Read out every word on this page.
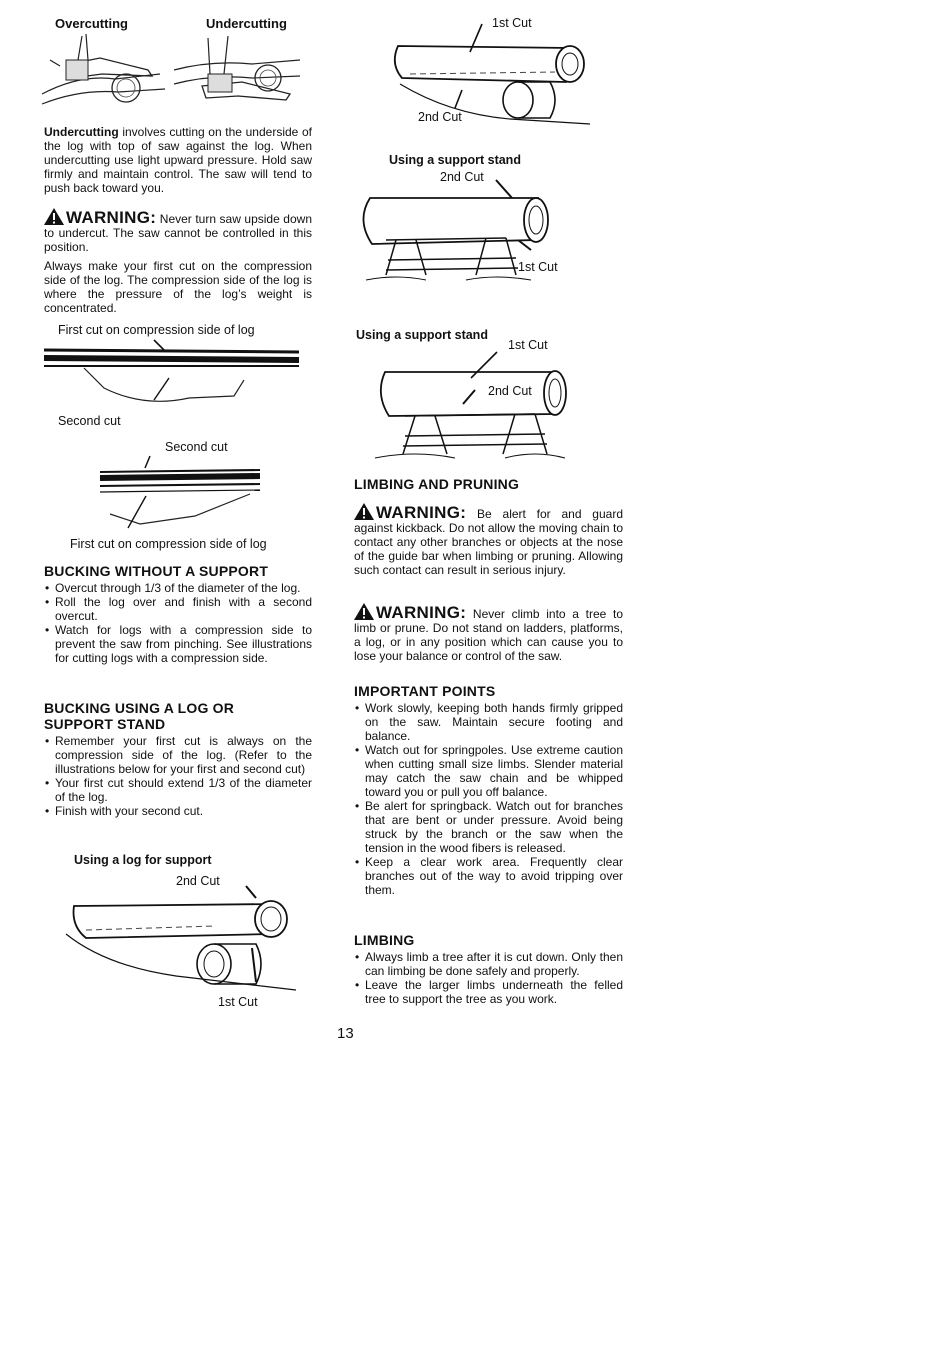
Overcutting	Undercutting

Undercutting involves cutting on the underside of the log with top of saw against the log. When undercutting use light upward pressure. Hold saw firmly and maintain control. The saw will tend to push back toward you.

WARNING: Never turn saw upside down to undercut. The saw cannot be controlled in this position.

Always make your first cut on the compression side of the log. The compression side of the log is where the pressure of the log’s weight is concentrated.

First cut on compression side of log
Second cut
Second cut
First cut on compression side of log
BUCKING WITHOUT A SUPPORT
• Overcut through 1/3 of the diameter of the log.
• Roll the log over and finish with a second overcut.
• Watch for logs with a compression side to prevent the saw from pinching. See illustrations for cutting logs with a compression side.
BUCKING USING A LOG OR
SUPPORT STAND
• Remember your first cut is always on the compression side of the log. (Refer to the illustrations below for your first and second cut)
• Your first cut should extend 1/3 of the diameter of the log.
• Finish with your second cut.
Using a log for support
2nd Cut
1st Cut
1st Cut
2nd Cut
Using a support stand
2nd Cut
1st Cut
Using a support stand
1st Cut
2nd Cut
LIMBING AND PRUNING

WARNING: Be alert for and guard against kickback. Do not allow the moving chain to contact any other branches or objects at the nose of the guide bar when limbing or pruning. Allowing such contact can result in serious injury.

WARNING: Never climb into a tree to limb or prune. Do not stand on ladders, platforms, a log, or in any position which can cause you to lose your balance or control of the saw.

IMPORTANT POINTS
• Work slowly, keeping both hands firmly gripped on the saw. Maintain secure footing and balance.
• Watch out for springpoles. Use extreme caution when cutting small size limbs. Slender material may catch the saw chain and be whipped toward you or pull you off balance.
• Be alert for springback. Watch out for branches that are bent or under pressure. Avoid being struck by the branch or the saw when the tension in the wood fibers is released.
• Keep a clear work area. Frequently clear branches out of the way to avoid tripping over them.
LIMBING
• Always limb a tree after it is cut down. Only then can limbing be done safely and properly.
• Leave the larger limbs underneath the felled tree to support the tree as you work.
13
